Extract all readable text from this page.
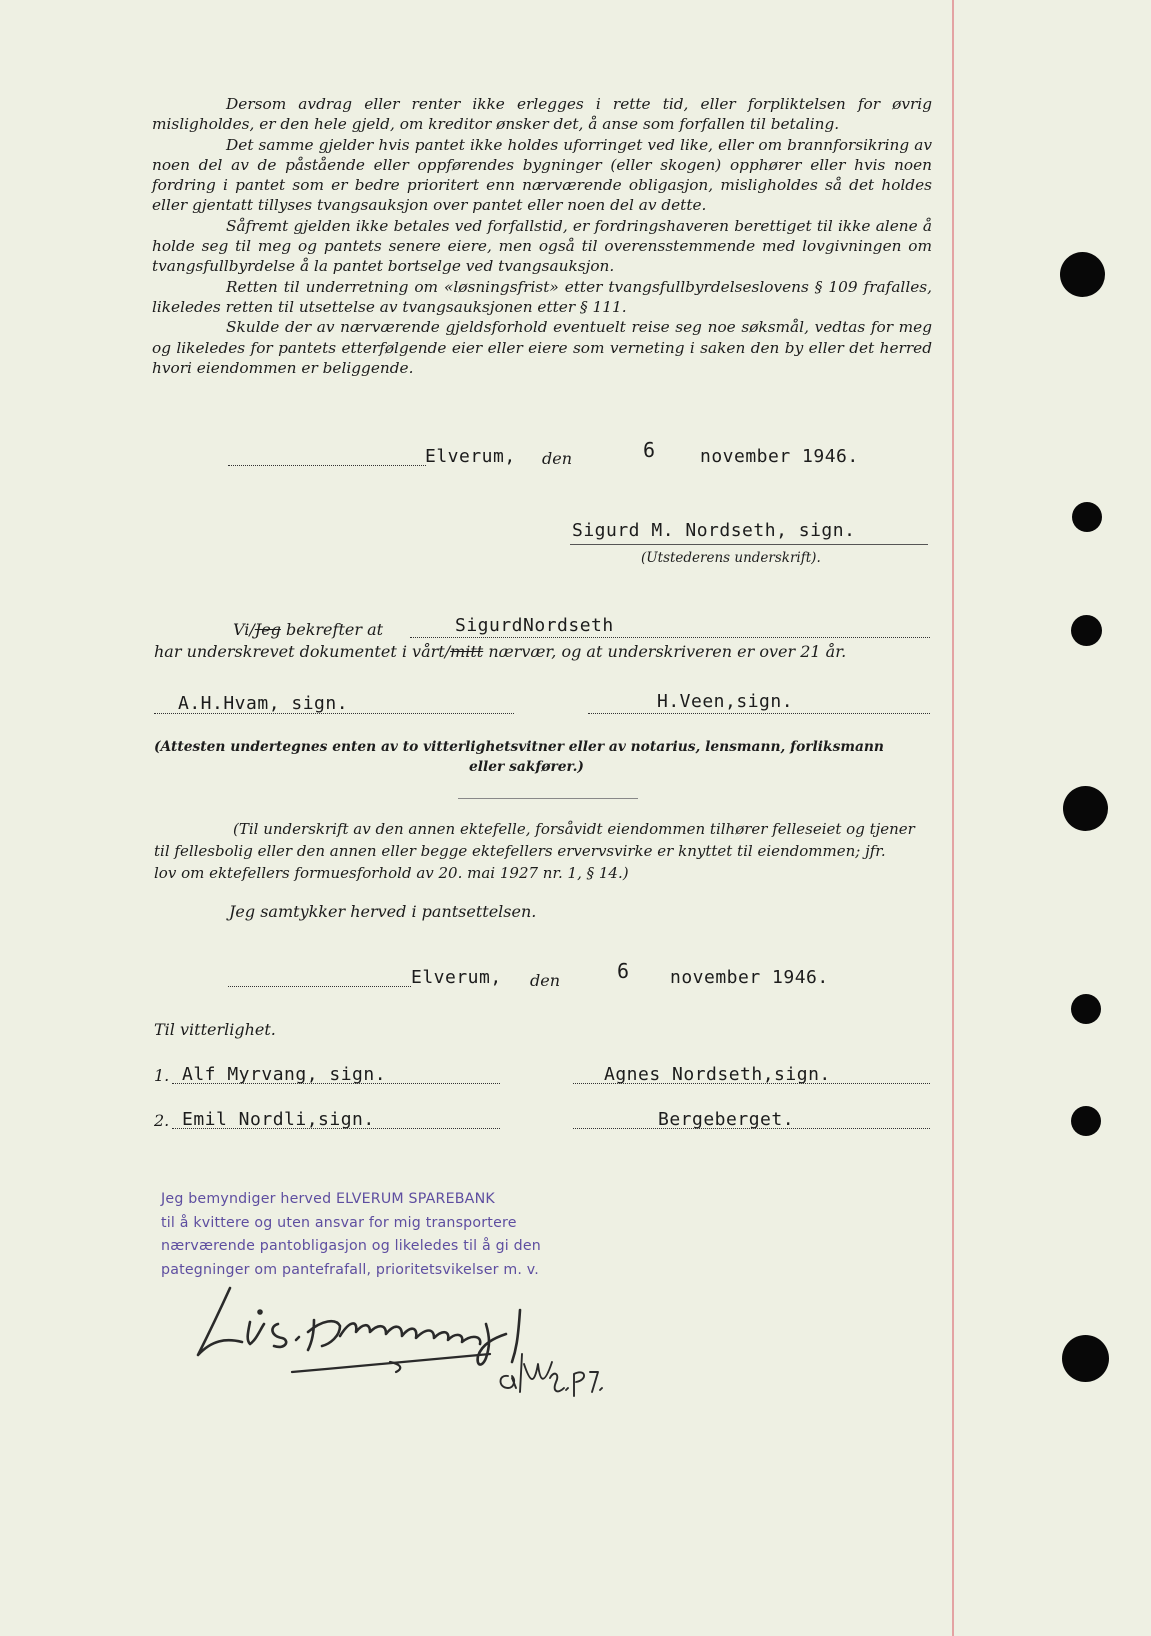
Dersom avdrag eller renter ikke erlegges i rette tid, eller forpliktelsen for øvrig misligholdes, er den hele gjeld, om kreditor ønsker det, å anse som forfallen til betaling.

Det samme gjelder hvis pantet ikke holdes uforringet ved like, eller om brannforsikring av noen del av de påstående eller oppførendes bygninger (eller skogen) opphører eller hvis noen fordring i pantet som er bedre prioritert enn nærværende obligasjon, misligholdes så det holdes eller gjentatt tillyses tvangsauksjon over pantet eller noen del av dette.

Såfremt gjelden ikke betales ved forfallstid, er fordringshaveren berettiget til ikke alene å holde seg til meg og pantets senere eiere, men også til overensstemmende med lovgivningen om tvangsfullbyrdelse å la pantet bortselge ved tvangsauksjon.

Retten til underretning om «løsningsfrist» etter tvangsfullbyrdelseslovens § 109 frafalles, likeledes retten til utsettelse av tvangsauksjonen etter § 111.

Skulde der av nærværende gjeldsforhold eventuelt reise seg noe søksmål, vedtas for meg og likeledes for pantets etterfølgende eier eller eiere som verneting i saken den by eller det herred hvori eiendommen er beliggende.

Elverum, den	6 november 1946.
Sigurd M. Nordseth, sign.
(Utstederens underskrift).
Vi/Jeg bekrefter at	SigurdNordseth
har underskrevet dokumentet i vårt/mitt nærvær, og at underskriveren er over 21 år.
A.H.Hvam, sign.	H.Veen,sign.
(Attesten undertegnes enten av to vitterlighetsvitner eller av notarius, lensmann, forliksmann
eller sakfører.)
(Til underskrift av den annen ektefelle, forsåvidt eiendommen tilhører felleseiet og tjener
til fellesbolig eller den annen eller begge ektefellers ervervsvirke er knyttet til eiendommen; jfr.
lov om ektefellers formuesforhold av 20. mai 1927 nr. 1, § 14.)
Jeg samtykker herved i pantsettelsen.
Elverum, den	6 november 1946.
Til vitterlighet.
1. Alf Myrvang, sign.	Agnes Nordseth,sign.
2. Emil Nordli,sign.	Bergeberget.
Jeg bemyndiger herved ELVERUM SPAREBANK
til å kvittere og uten ansvar for mig transportere
nærværende pantobligasjon og likeledes til å gi den
pategninger om pantefrafall, prioritetsvikelser m. v.
